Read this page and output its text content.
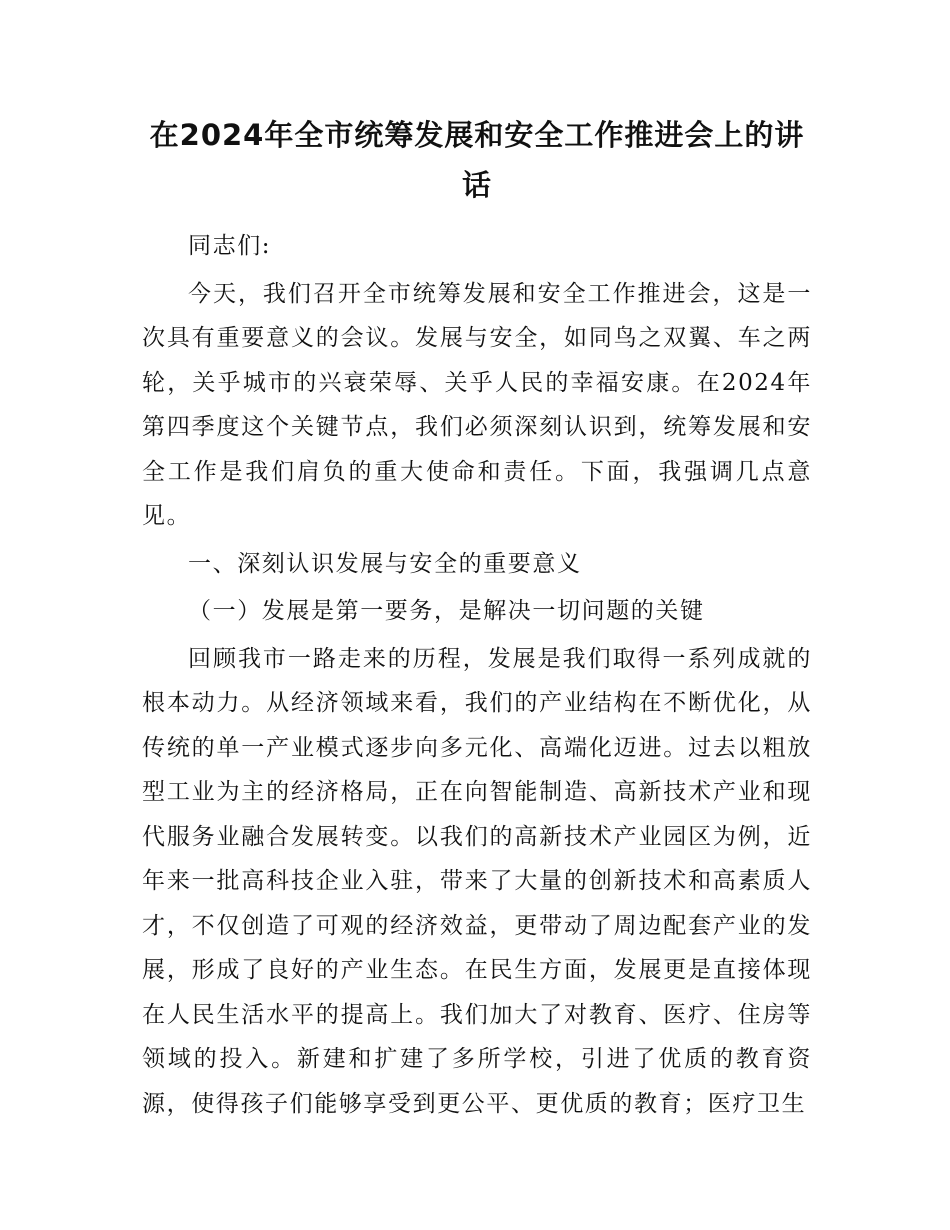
在2024年全市统筹发展和安全工作推进会上的讲话

同志们:

今天，我们召开全市统筹发展和安全工作推进会，这是一次具有重要意义的会议。发展与安全，如同鸟之双翼、车之两轮，关乎城市的兴衰荣辱、关乎人民的幸福安康。在2024年第四季度这个关键节点，我们必须深刻认识到，统筹发展和安全工作是我们肩负的重大使命和责任。下面，我强调几点意见。

一、深刻认识发展与安全的重要意义

（一）发展是第一要务，是解决一切问题的关键

回顾我市一路走来的历程，发展是我们取得一系列成就的根本动力。从经济领域来看，我们的产业结构在不断优化，从传统的单一产业模式逐步向多元化、高端化迈进。过去以粗放型工业为主的经济格局，正在向智能制造、高新技术产业和现代服务业融合发展转变。以我们的高新技术产业园区为例，近年来一批高科技企业入驻，带来了大量的创新技术和高素质人才，不仅创造了可观的经济效益，更带动了周边配套产业的发展，形成了良好的产业生态。在民生方面，发展更是直接体现在人民生活水平的提高上。我们加大了对教育、医疗、住房等领域的投入。新建和扩建了多所学校，引进了优质的教育资源，使得孩子们能够享受到更公平、更优质的教育；医疗卫生
